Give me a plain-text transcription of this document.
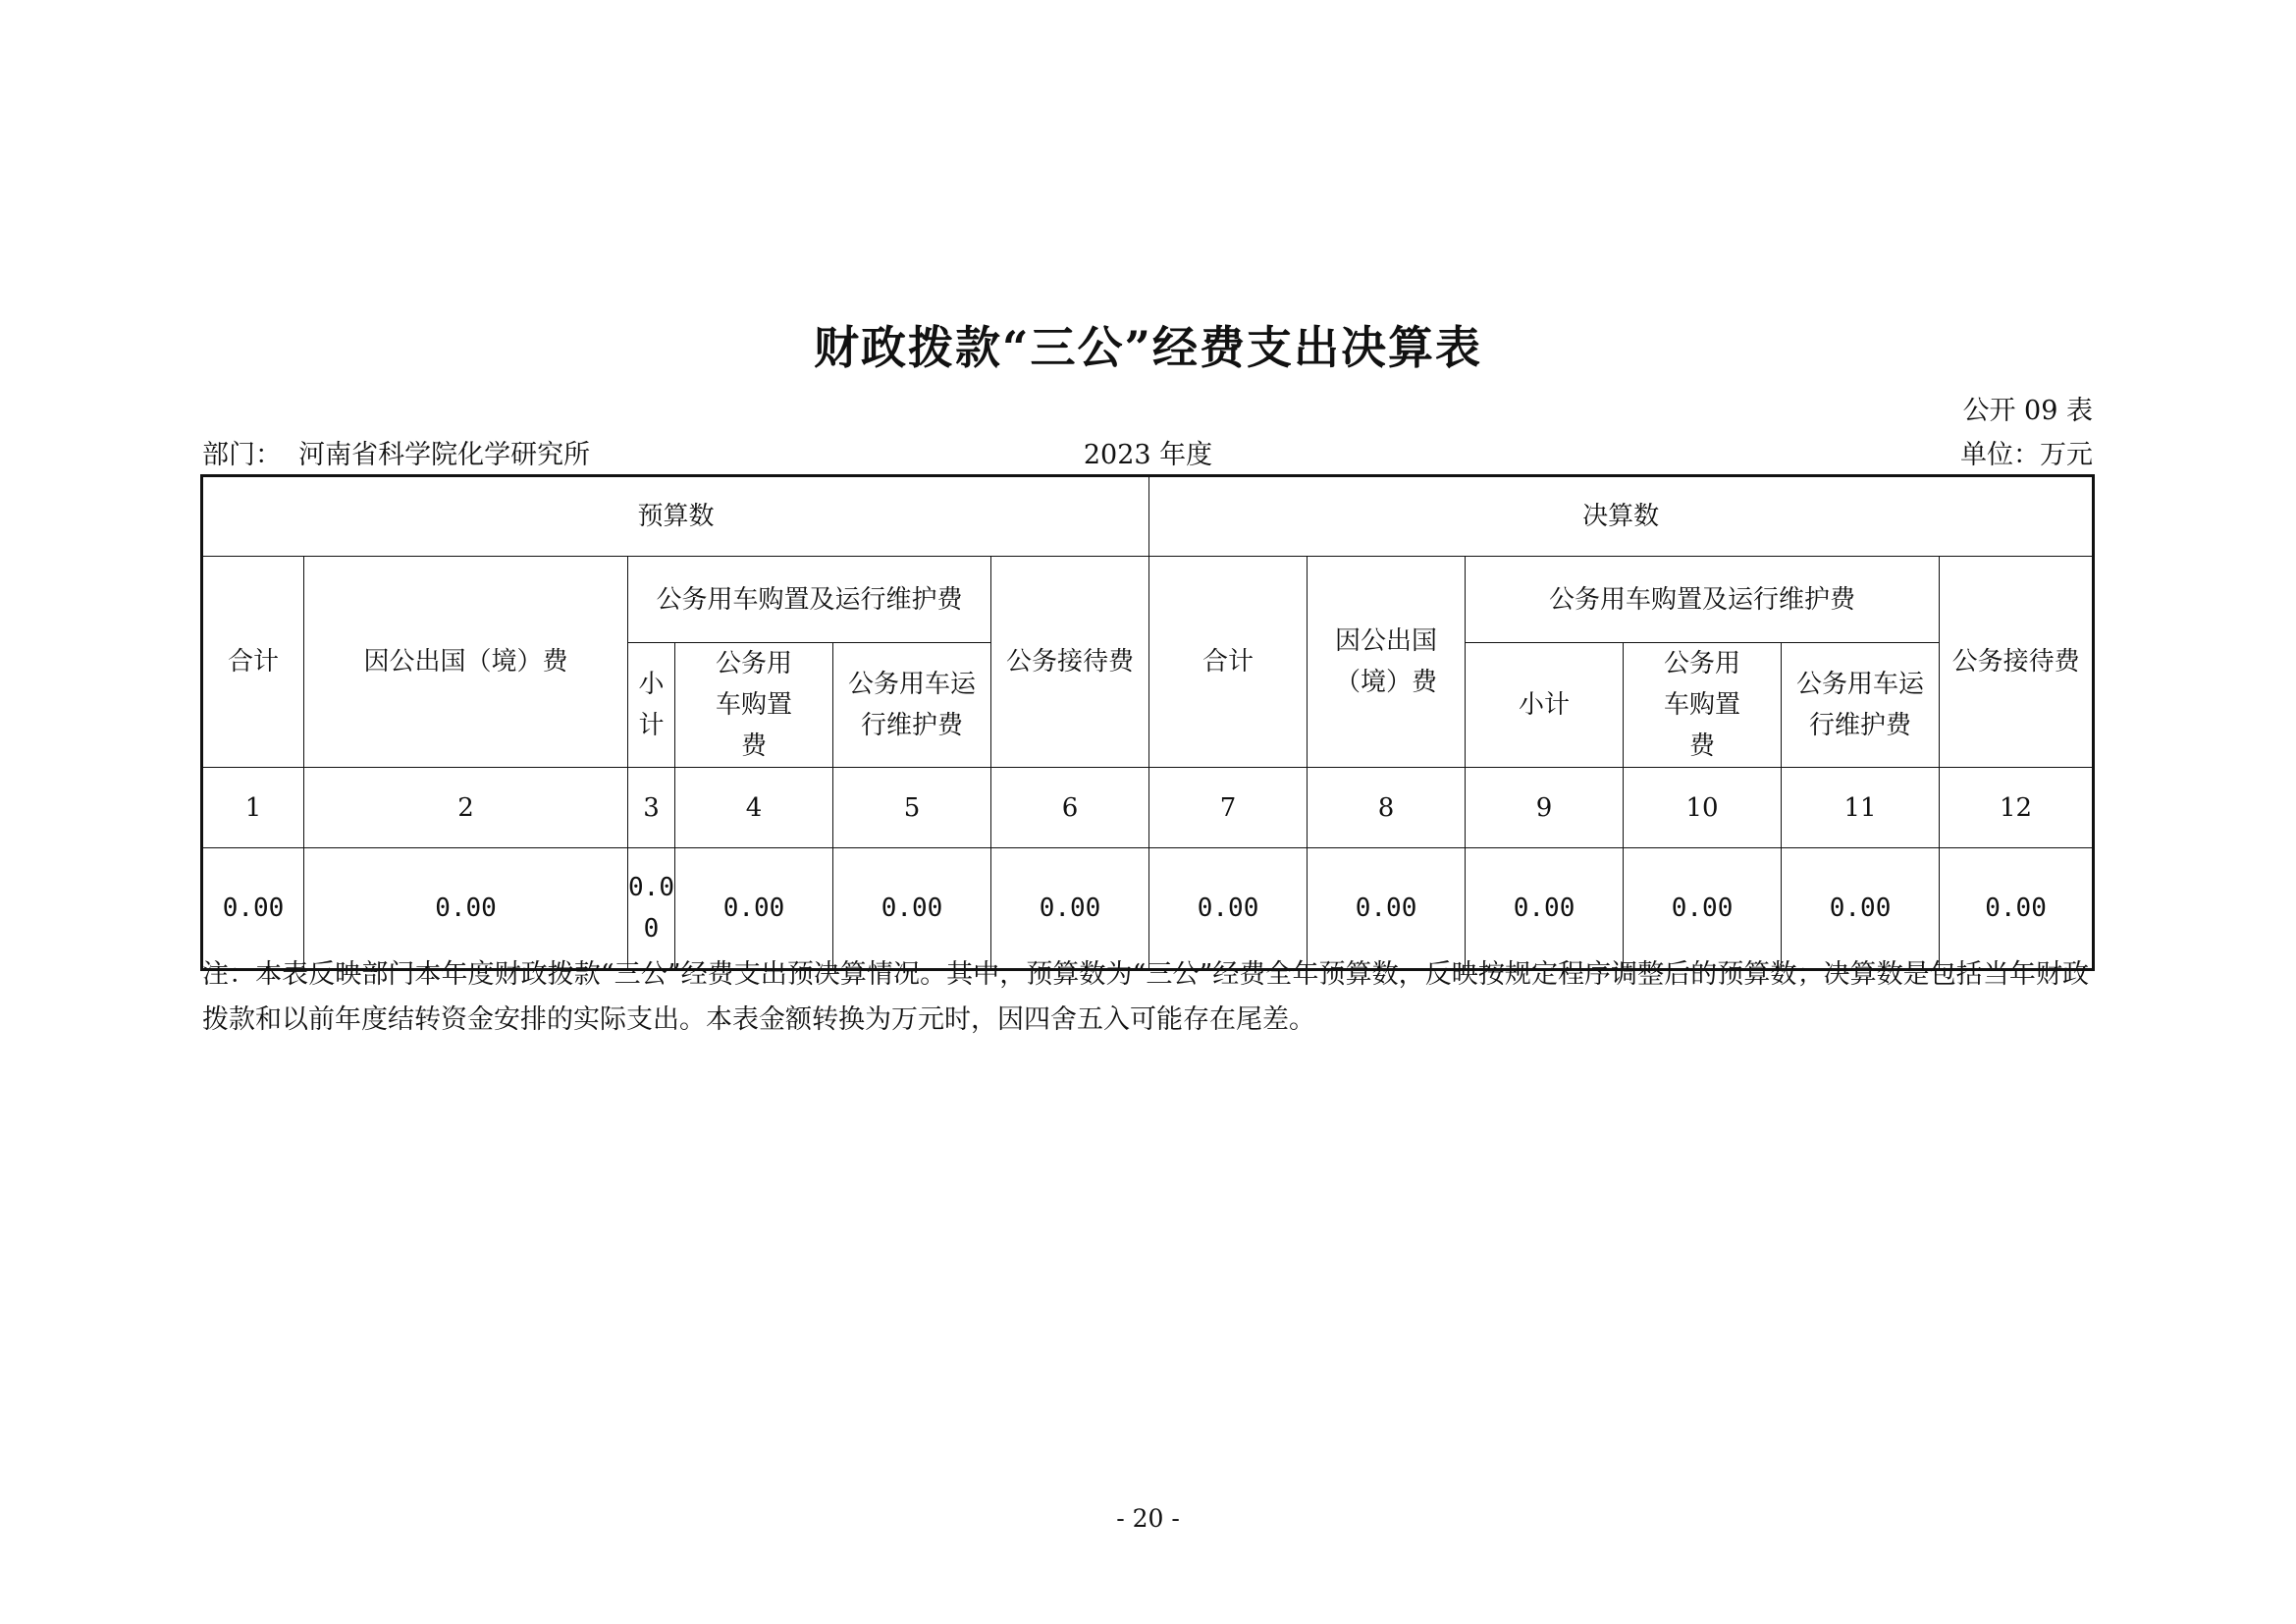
财政拨款“三公”经费支出决算表
公开 09 表
部门：  河南省科学院化学研究所	2023 年度	单位：万元
预算数						决算数					
合计	因公出国（境）费	公务用车购置及运行维护费			公务接待费	合计	因公出国（境）费	公务用车购置及运行维护费			公务接待费
		小计	公务用车购置费	公务用车运行维护费				小计	公务用车购置费	公务用车运行维护费	
1	2	3	4	5	6	7	8	9	10	11	12
0.00	0.00	0.00	0.00	0.00	0.00	0.00	0.00	0.00	0.00	0.00	0.00
注：本表反映部门本年度财政拨款“三公”经费支出预决算情况。其中，预算数为“三公”经费全年预算数，反映按规定程序调整后的预算数；决算数是包括当年财政拨款和以前年度结转资金安排的实际支出。本表金额转换为万元时，因四舍五入可能存在尾差。
- 20 -
